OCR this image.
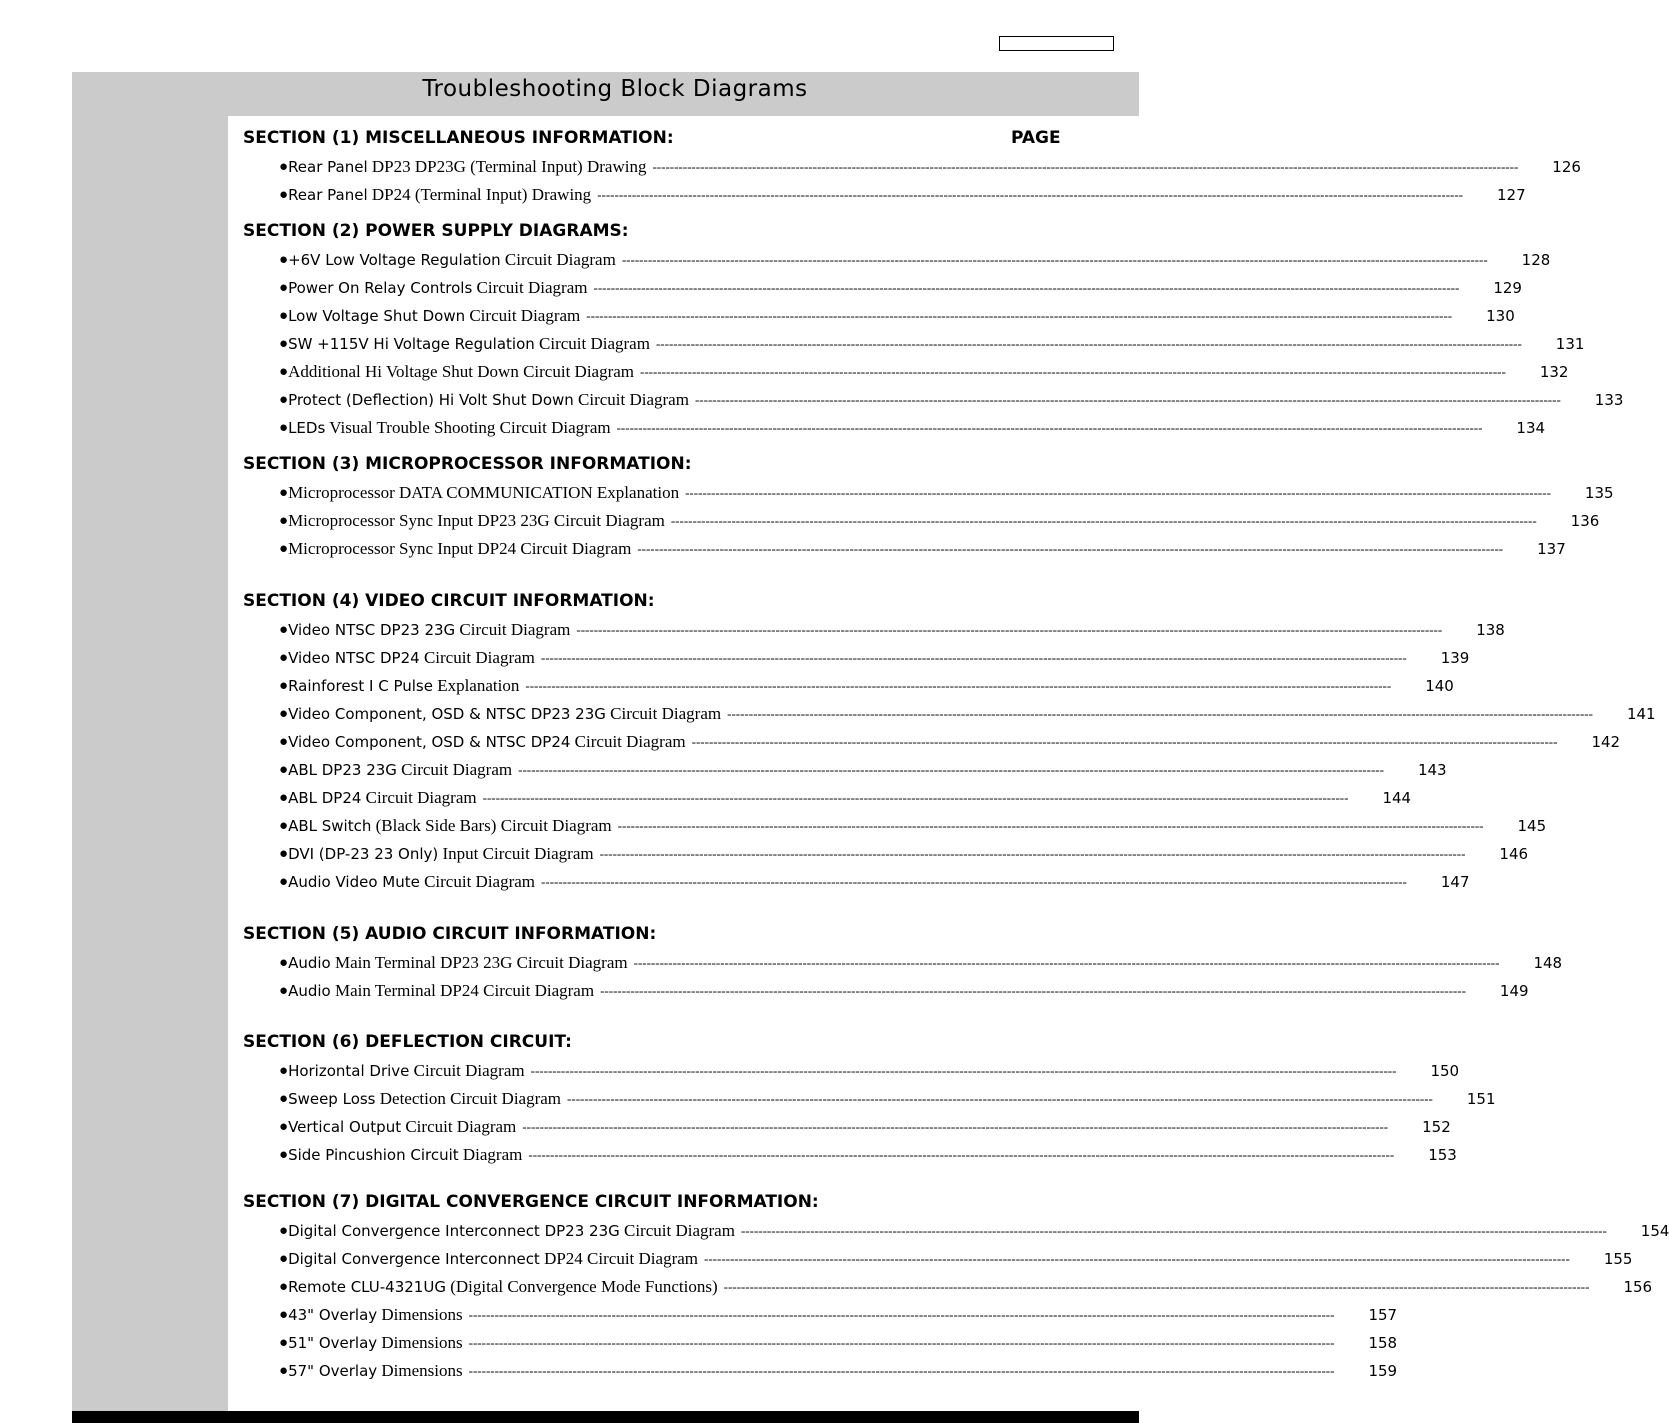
Troubleshooting Block Diagrams
SECTION (1) MISCELLANEOUS INFORMATION:	PAGE
● Rear Panel DP23 DP23G (Terminal Input) Drawing --------------------------------------------------------------------------------------------------------------------------------------------------------------------------------------------------------	126
● Rear Panel DP24 (Terminal Input) Drawing --------------------------------------------------------------------------------------------------------------------------------------------------------------------------------------------------------	127
SECTION (2) POWER SUPPLY DIAGRAMS:
● +6V Low Voltage Regulation Circuit Diagram --------------------------------------------------------------------------------------------------------------------------------------------------------------------------------------------------------	128
● Power On Relay Controls Circuit Diagram --------------------------------------------------------------------------------------------------------------------------------------------------------------------------------------------------------	129
● Low Voltage Shut Down Circuit Diagram --------------------------------------------------------------------------------------------------------------------------------------------------------------------------------------------------------	130
● SW +115V Hi Voltage Regulation Circuit Diagram --------------------------------------------------------------------------------------------------------------------------------------------------------------------------------------------------------	131
● Additional Hi Voltage Shut Down Circuit Diagram --------------------------------------------------------------------------------------------------------------------------------------------------------------------------------------------------------	132
● Protect (Deflection) Hi Volt Shut Down Circuit Diagram --------------------------------------------------------------------------------------------------------------------------------------------------------------------------------------------------------	133
● LEDs Visual Trouble Shooting Circuit Diagram --------------------------------------------------------------------------------------------------------------------------------------------------------------------------------------------------------	134
SECTION (3) MICROPROCESSOR INFORMATION:
● Microprocessor DATA COMMUNICATION Explanation --------------------------------------------------------------------------------------------------------------------------------------------------------------------------------------------------------	135
● Microprocessor Sync Input DP23 23G Circuit Diagram --------------------------------------------------------------------------------------------------------------------------------------------------------------------------------------------------------	136
● Microprocessor Sync Input DP24 Circuit Diagram --------------------------------------------------------------------------------------------------------------------------------------------------------------------------------------------------------	137
SECTION (4) VIDEO CIRCUIT INFORMATION:
● Video NTSC DP23 23G Circuit Diagram --------------------------------------------------------------------------------------------------------------------------------------------------------------------------------------------------------	138
● Video NTSC DP24 Circuit Diagram --------------------------------------------------------------------------------------------------------------------------------------------------------------------------------------------------------	139
● Rainforest I C Pulse Explanation --------------------------------------------------------------------------------------------------------------------------------------------------------------------------------------------------------	140
● Video Component, OSD & NTSC DP23 23G Circuit Diagram --------------------------------------------------------------------------------------------------------------------------------------------------------------------------------------------------------	141
● Video Component, OSD & NTSC DP24 Circuit Diagram --------------------------------------------------------------------------------------------------------------------------------------------------------------------------------------------------------	142
● ABL DP23 23G Circuit Diagram --------------------------------------------------------------------------------------------------------------------------------------------------------------------------------------------------------	143
● ABL DP24 Circuit Diagram --------------------------------------------------------------------------------------------------------------------------------------------------------------------------------------------------------	144
● ABL Switch (Black Side Bars) Circuit Diagram --------------------------------------------------------------------------------------------------------------------------------------------------------------------------------------------------------	145
● DVI (DP-23 23 Only) Input Circuit Diagram --------------------------------------------------------------------------------------------------------------------------------------------------------------------------------------------------------	146
● Audio Video Mute Circuit Diagram --------------------------------------------------------------------------------------------------------------------------------------------------------------------------------------------------------	147
SECTION (5) AUDIO CIRCUIT INFORMATION:
● Audio Main Terminal DP23 23G Circuit Diagram --------------------------------------------------------------------------------------------------------------------------------------------------------------------------------------------------------	148
● Audio Main Terminal DP24 Circuit Diagram --------------------------------------------------------------------------------------------------------------------------------------------------------------------------------------------------------	149
SECTION (6) DEFLECTION CIRCUIT:
● Horizontal Drive Circuit Diagram --------------------------------------------------------------------------------------------------------------------------------------------------------------------------------------------------------	150
● Sweep Loss Detection Circuit Diagram --------------------------------------------------------------------------------------------------------------------------------------------------------------------------------------------------------	151
● Vertical Output Circuit Diagram --------------------------------------------------------------------------------------------------------------------------------------------------------------------------------------------------------	152
● Side Pincushion Circuit Diagram --------------------------------------------------------------------------------------------------------------------------------------------------------------------------------------------------------	153
SECTION (7) DIGITAL CONVERGENCE CIRCUIT INFORMATION:
● Digital Convergence Interconnect DP23 23G Circuit Diagram --------------------------------------------------------------------------------------------------------------------------------------------------------------------------------------------------------	154
● Digital Convergence Interconnect DP24 Circuit Diagram --------------------------------------------------------------------------------------------------------------------------------------------------------------------------------------------------------	155
● Remote CLU-4321UG (Digital Convergence Mode Functions) --------------------------------------------------------------------------------------------------------------------------------------------------------------------------------------------------------	156
● 43" Overlay Dimensions --------------------------------------------------------------------------------------------------------------------------------------------------------------------------------------------------------	157
● 51" Overlay Dimensions --------------------------------------------------------------------------------------------------------------------------------------------------------------------------------------------------------	158
● 57" Overlay Dimensions --------------------------------------------------------------------------------------------------------------------------------------------------------------------------------------------------------	159
